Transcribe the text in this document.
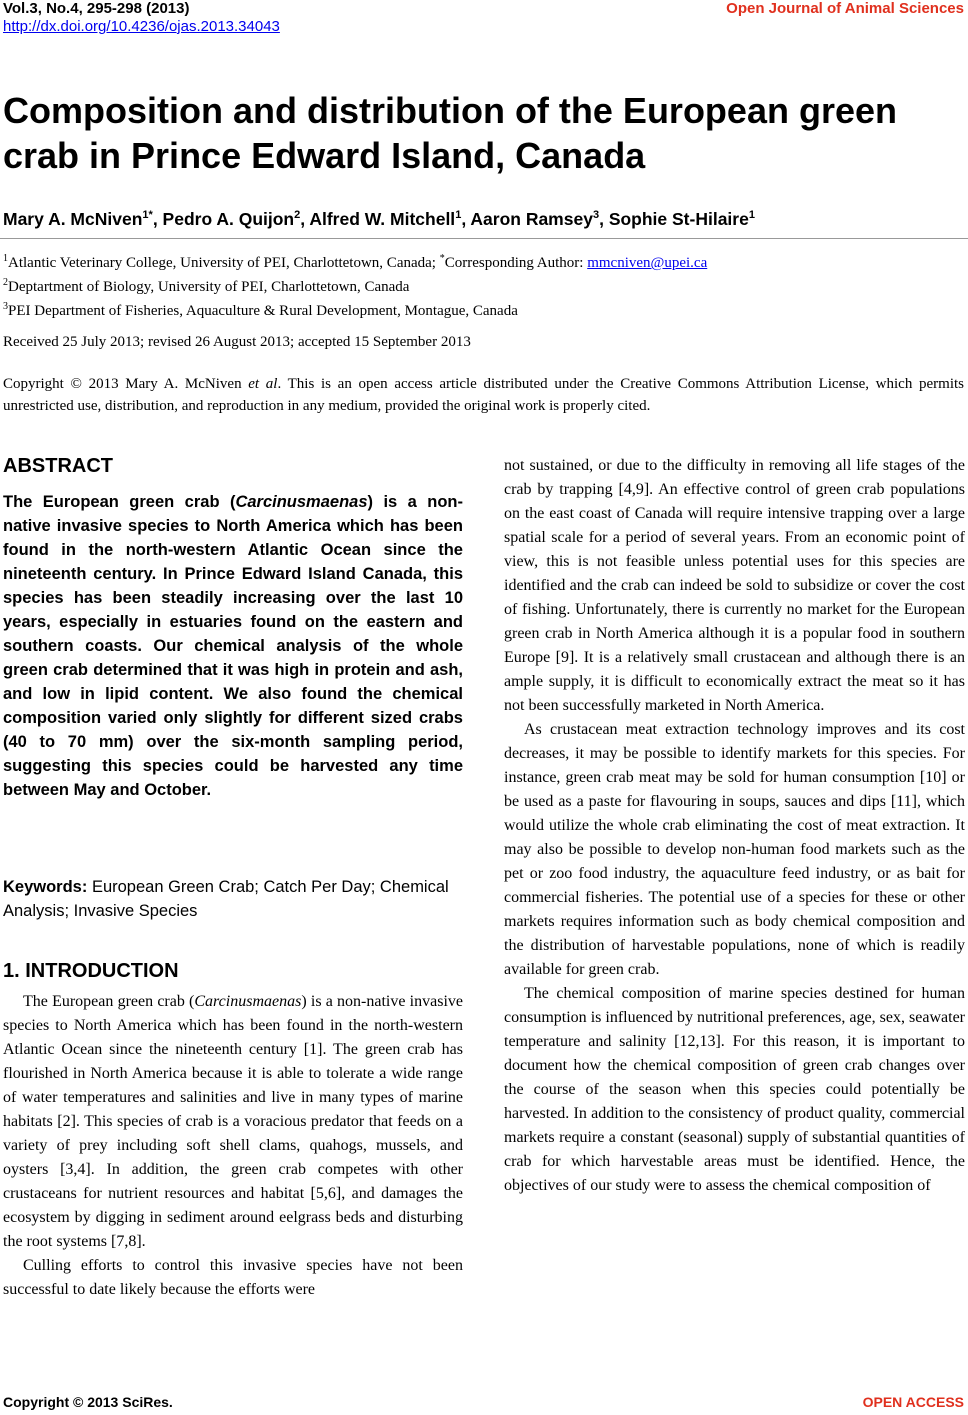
Vol.3, No.4, 295-298 (2013)
http://dx.doi.org/10.4236/ojas.2013.34043
Open Journal of Animal Sciences
Composition and distribution of the European green crab in Prince Edward Island, Canada
Mary A. McNiven$^{1*}$, Pedro A. Quijon$^2$, Alfred W. Mitchell$^1$, Aaron Ramsey$^3$, Sophie St-Hilaire$^1$
$^1$Atlantic Veterinary College, University of PEI, Charlottetown, Canada; *Corresponding Author: mmcniven@upei.ca
$^2$Deptartment of Biology, University of PEI, Charlottetown, Canada
$^3$PEI Department of Fisheries, Aquaculture & Rural Development, Montague, Canada
Received 25 July 2013; revised 26 August 2013; accepted 15 September 2013
Copyright © 2013 Mary A. McNiven et al. This is an open access article distributed under the Creative Commons Attribution License, which permits unrestricted use, distribution, and reproduction in any medium, provided the original work is properly cited.
ABSTRACT
The European green crab (Carcinusmaenas) is a non-native invasive species to North America which has been found in the north-western Atlantic Ocean since the nineteenth century. In Prince Edward Island Canada, this species has been steadily increasing over the last 10 years, especially in estuaries found on the eastern and southern coasts. Our chemical analysis of the whole green crab determined that it was high in protein and ash, and low in lipid content. We also found the chemical composition varied only slightly for different sized crabs (40 to 70 mm) over the six-month sampling period, suggesting this species could be harvested any time between May and October.
Keywords: European Green Crab; Catch Per Day; Chemical Analysis; Invasive Species
1. INTRODUCTION

The European green crab (Carcinusmaenas) is a non-native invasive species to North America which has been found in the north-western Atlantic Ocean since the nineteenth century [1]. The green crab has flourished in North America because it is able to tolerate a wide range of water temperatures and salinities and live in many types of marine habitats [2]. This species of crab is a voracious predator that feeds on a variety of prey including soft shell clams, quahogs, mussels, and oysters [3,4]. In addition, the green crab competes with other crustaceans for nutrient resources and habitat [5,6], and damages the ecosystem by digging in sediment around eelgrass beds and disturbing the root systems [7,8].

Culling efforts to control this invasive species have not been successful to date likely because the efforts were

not sustained, or due to the difficulty in removing all life stages of the crab by trapping [4,9]. An effective control of green crab populations on the east coast of Canada will require intensive trapping over a large spatial scale for a period of several years. From an economic point of view, this is not feasible unless potential uses for this species are identified and the crab can indeed be sold to subsidize or cover the cost of fishing. Unfortunately, there is currently no market for the European green crab in North America although it is a popular food in southern Europe [9]. It is a relatively small crustacean and although there is an ample supply, it is difficult to economically extract the meat so it has not been successfully marketed in North America.

As crustacean meat extraction technology improves and its cost decreases, it may be possible to identify markets for this species. For instance, green crab meat may be sold for human consumption [10] or be used as a paste for flavouring in soups, sauces and dips [11], which would utilize the whole crab eliminating the cost of meat extraction. It may also be possible to develop non-human food markets such as the pet or zoo food industry, the aquaculture feed industry, or as bait for commercial fisheries. The potential use of a species for these or other markets requires information such as body chemical composition and the distribution of harvestable populations, none of which is readily available for green crab.

The chemical composition of marine species destined for human consumption is influenced by nutritional preferences, age, sex, seawater temperature and salinity [12,13]. For this reason, it is important to document how the chemical composition of green crab changes over the course of the season when this species could potentially be harvested. In addition to the consistency of product quality, commercial markets require a constant (seasonal) supply of substantial quantities of crab for which harvestable areas must be identified. Hence, the objectives of our study were to assess the chemical composition of

Copyright © 2013 SciRes.	OPEN ACCESS
